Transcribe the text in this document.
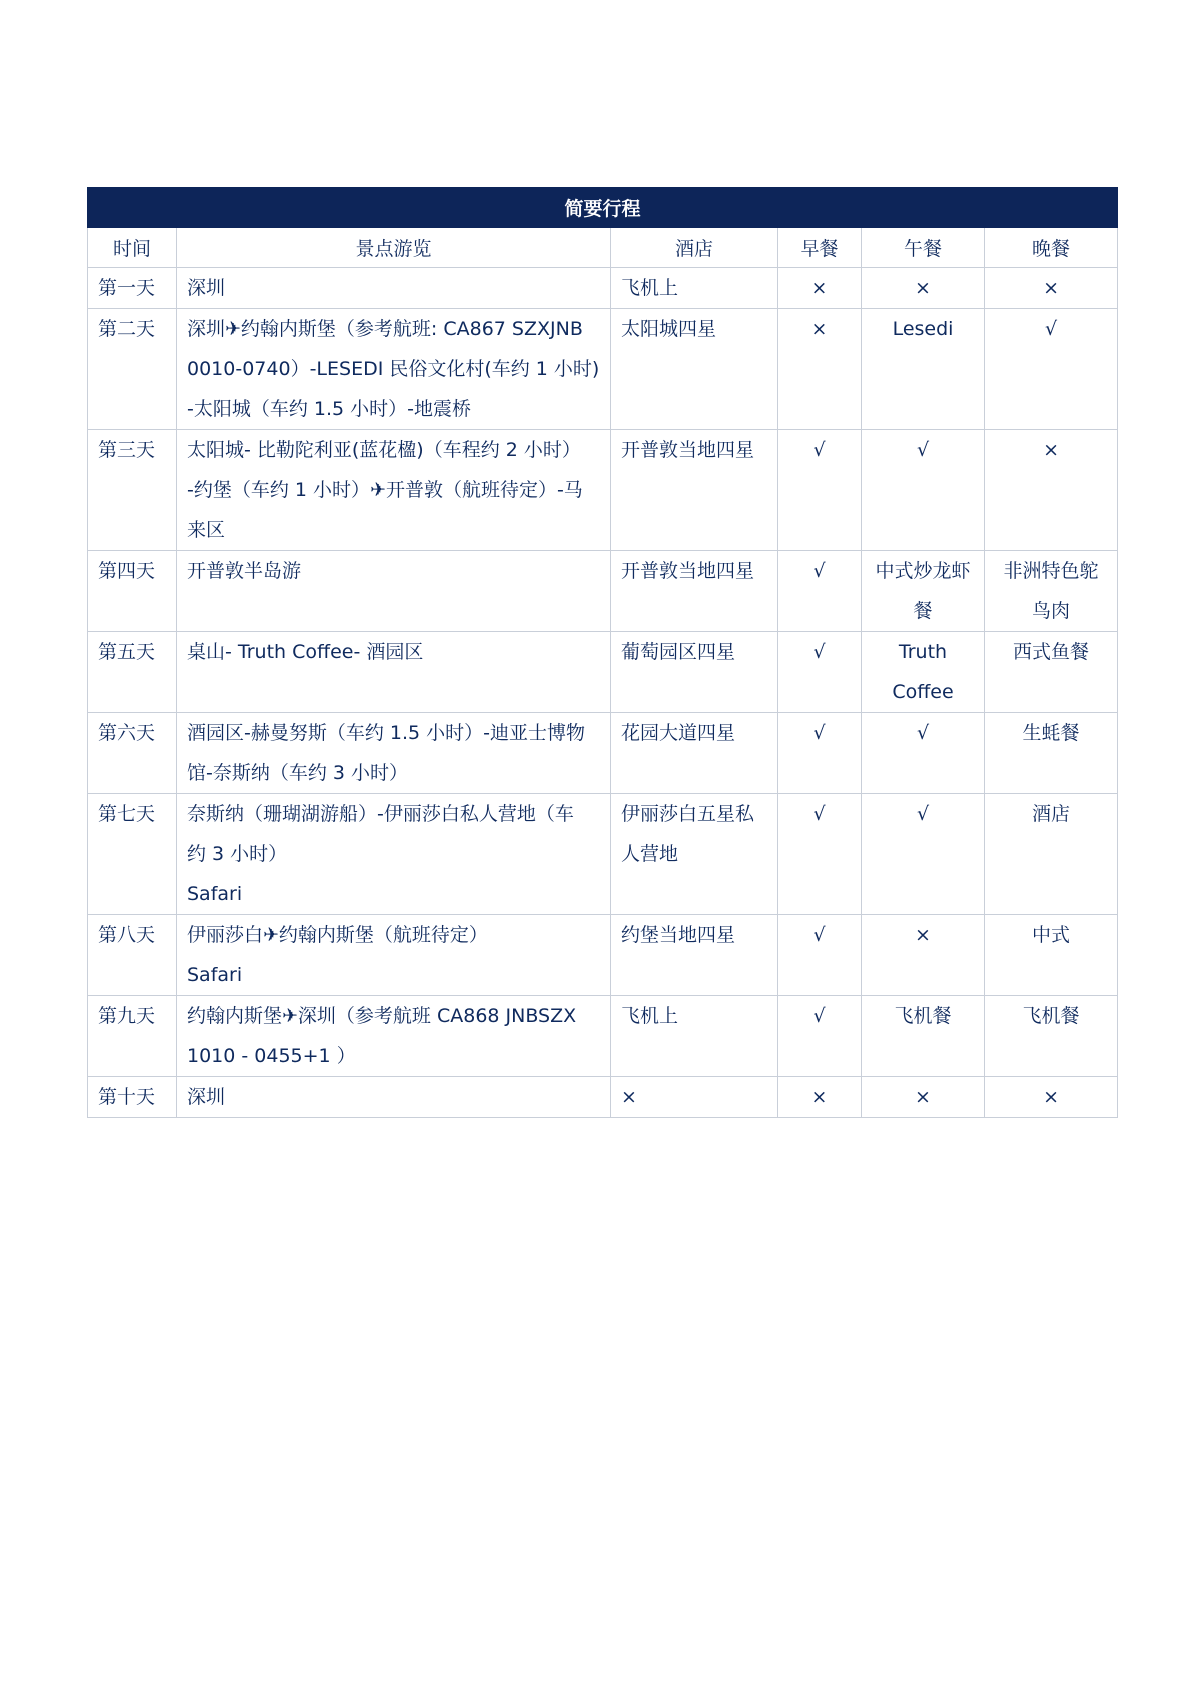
简要行程					
时间	景点游览	酒店	早餐	午餐	晚餐
第一天	深圳	飞机上	×	×	×

第二天	深圳✈约翰内斯堡（参考航班: CA867 SZXJNB
0010-0740）-LESEDI 民俗文化村(车约 1 小时)
-太阳城（车约 1.5 小时）-地震桥	太阳城四星	×	Lesedi	√

第三天	太阳城- 比勒陀利亚(蓝花楹)（车程约 2 小时）
-约堡（车约 1 小时）✈开普敦（航班待定）-马
来区	开普敦当地四星	√	√	×

第四天	开普敦半岛游	开普敦当地四星	√	中式炒龙虾
餐	非洲特色鸵
鸟肉

第五天	桌山- Truth Coffee- 酒园区	葡萄园区四星	√	Truth
Coffee	西式鱼餐

第六天	酒园区-赫曼努斯（车约 1.5 小时）-迪亚士博物
馆-奈斯纳（车约 3 小时）	花园大道四星	√	√	生蚝餐

第七天	奈斯纳（珊瑚湖游船）-伊丽莎白私人营地（车
约 3 小时）
Safari	伊丽莎白五星私
人营地	√	√	酒店

第八天	伊丽莎白✈约翰内斯堡（航班待定）
Safari	约堡当地四星	√	×	中式

第九天	约翰内斯堡✈深圳（参考航班 CA868 JNBSZX
1010 - 0455+1 ）	飞机上	√	飞机餐	飞机餐

第十天	深圳	×	×	×	×
